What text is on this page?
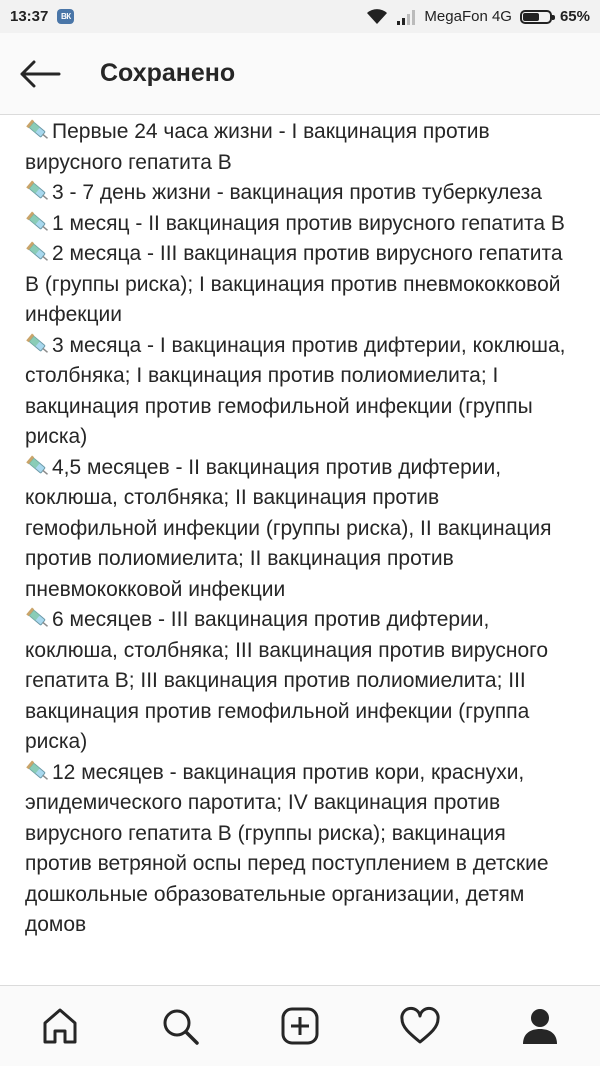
13:37	ВК	MegaFon 4G	65%
Сохранено

Первые 24 часа жизни - I вакцинация против вирусного гепатита В

3 - 7 день жизни - вакцинация против туберкулеза

1 месяц - II вакцинация против вирусного гепатита В

2 месяца - III вакцинация против вирусного гепатита В (группы риска); I вакцинация против пневмококковой инфекции

3 месяца - I вакцинация против дифтерии, коклюша, столбняка; I вакцинация против полиомиелита; I вакцинация против гемофильной инфекции (группы риска)

4,5 месяцев - II вакцинация против дифтерии, коклюша, столбняка; II вакцинация против гемофильной инфекции (группы риска), II вакцинация против полиомиелита; II вакцинация против пневмококковой инфекции

6 месяцев - III вакцинация против дифтерии, коклюша, столбняка; III вакцинация против вирусного гепатита В; III вакцинация против полиомиелита; III вакцинация против гемофильной инфекции (группа риска)

12 месяцев - вакцинация против кори, краснухи, эпидемического паротита; IV вакцинация против вирусного гепатита В (группы риска); вакцинация против ветряной оспы перед поступлением в детские дошкольные образовательные организации, детям домов
